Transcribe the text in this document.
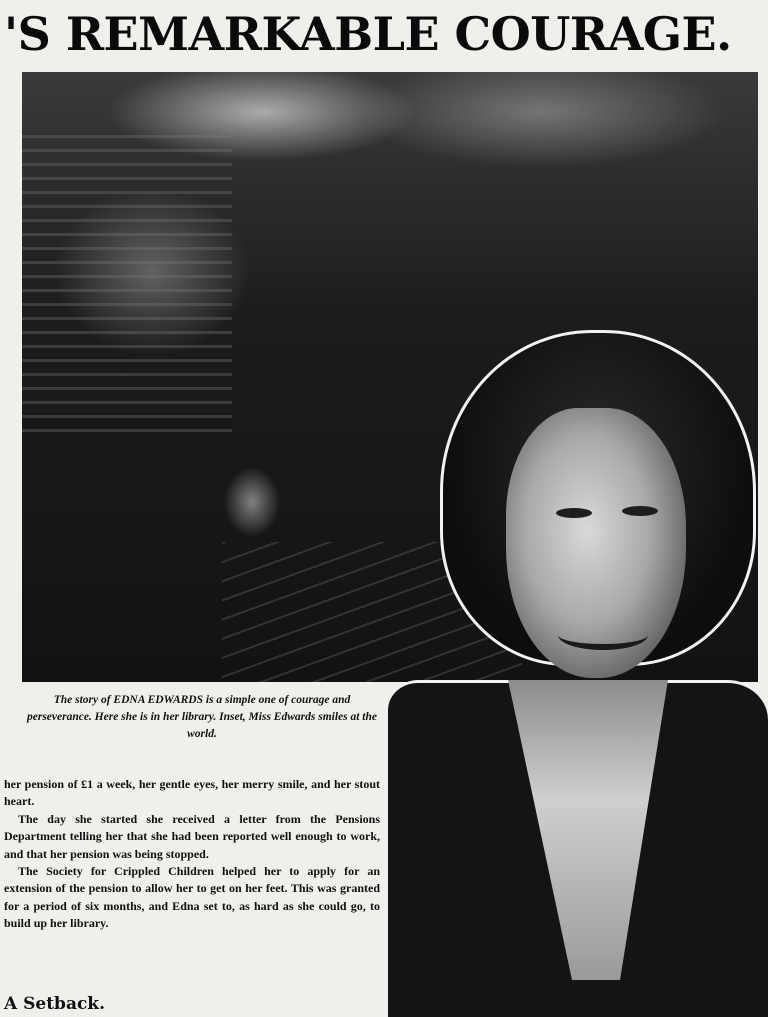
'S REMARKABLE COURAGE.
The story of EDNA EDWARDS is a simple one of courage and perseverance. Here she is in her library. Inset, Miss Edwards smiles at the world.

her pension of £1 a week, her gentle eyes, her merry smile, and her stout heart.

The day she started she received a letter from the Pensions Department telling her that she had been reported well enough to work, and that her pension was being stopped.

The Society for Crippled Children helped her to apply for an extension of the pension to allow her to get on her feet. This was granted for a period of six months, and Edna set to, as hard as she could go, to build up her library.

A Setback.
